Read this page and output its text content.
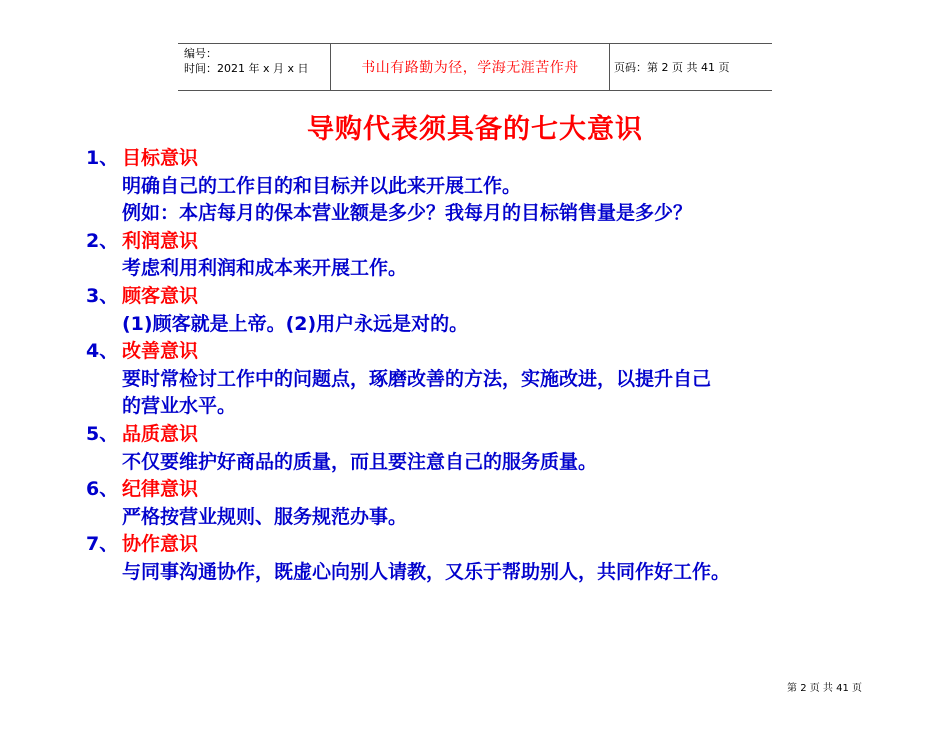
编号：
时间：2021 年 x 月 x 日	书山有路勤为径，学海无涯苦作舟	页码：第 2 页 共 41 页
导购代表须具备的七大意识
1、 目标意识
明确自己的工作目的和目标并以此来开展工作。
例如：本店每月的保本营业额是多少？我每月的目标销售量是多少？
2、 利润意识
考虑利用利润和成本来开展工作。
3、 顾客意识
(1)顾客就是上帝。(2)用户永远是对的。
4、 改善意识
要时常检讨工作中的问题点，琢磨改善的方法，实施改进，以提升自己
的营业水平。
5、 品质意识
不仅要维护好商品的质量，而且要注意自己的服务质量。
6、 纪律意识
严格按营业规则、服务规范办事。
7、 协作意识
与同事沟通协作，既虚心向别人请教，又乐于帮助别人，共同作好工作。
第 2 页 共 41 页
